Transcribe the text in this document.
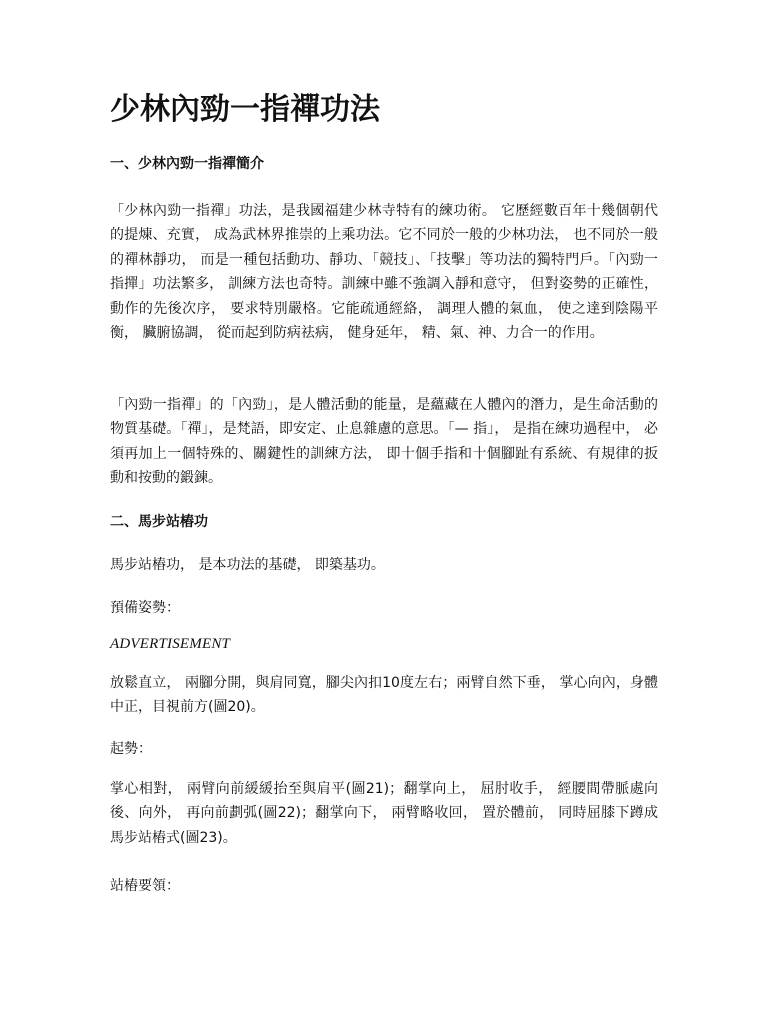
少林內勁一指禪功法
一、少林內勁一指禪簡介

「少林內勁一指禪」功法，是我國福建少林寺特有的練功術。 它歷經數百年十幾個朝代的提煉、充實， 成為武林界推崇的上乘功法。它不同於一般的少林功法， 也不同於一般的禪林靜功， 而是一種包括動功、靜功、「競技」、「技擊」等功法的獨特門戶。「內勁一指撣」功法繁多， 訓練方法也奇特。訓練中雖不強調入靜和意守， 但對姿勢的正確性， 動作的先後次序， 要求特別嚴格。它能疏通經絡， 調理人體的氣血， 使之達到陰陽平衡， 臟腑協調， 從而起到防病祛病， 健身延年， 精、氣、神、力合一的作用。

「內勁一指禪」的「內勁」，是人體活動的能量，是蘊藏在人體內的潛力，是生命活動的物質基礎。「禪」，是梵語，即安定、止息雜慮的意思。「— 指」， 是指在練功過程中， 必須再加上一個特殊的、關鍵性的訓練方法， 即十個手指和十個腳趾有系統、有規律的扳動和按動的鍛鍊。

二、馬步站樁功

馬步站樁功， 是本功法的基礎， 即築基功。

預備姿勢：

ADVERTISEMENT

放鬆直立， 兩腳分開，與肩同寬，腳尖內扣10度左右；兩臂自然下垂， 掌心向內，身體中正，目視前方(圖20)。

起勢：

掌心相對， 兩臂向前緩緩抬至與肩平(圖21)；翻掌向上， 屈肘收手， 經腰間帶脈處向後、向外， 再向前劃弧(圖22)；翻掌向下， 兩臂略收回， 置於體前， 同時屈膝下蹲成馬步站樁式(圖23)。

站樁要領：
